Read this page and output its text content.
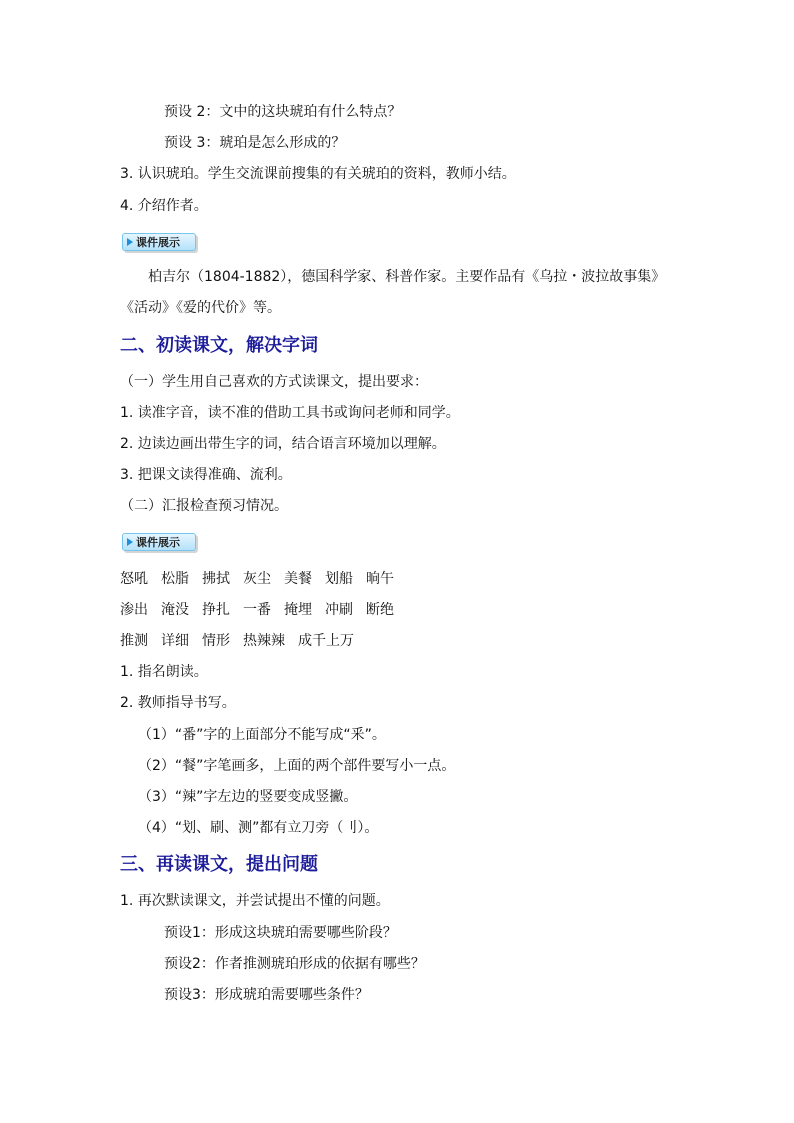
预设 2：文中的这块琥珀有什么特点？
预设 3：琥珀是怎么形成的？
3. 认识琥珀。学生交流课前搜集的有关琥珀的资料，教师小结。
4. 介绍作者。
课件展示
柏吉尔（1804-1882），德国科学家、科普作家。主要作品有《乌拉・波拉故事集》
《活动》《爱的代价》等。
二、初读课文，解决字词
（一）学生用自己喜欢的方式读课文，提出要求：
1. 读准字音，读不准的借助工具书或询问老师和同学。
2. 边读边画出带生字的词，结合语言环境加以理解。
3. 把课文读得准确、流利。
（二）汇报检查预习情况。
课件展示
怒吼 松脂 拂拭 灰尘 美餐 划船 晌午
渗出 淹没 挣扎 一番 掩埋 冲刷 断绝
推测 详细 情形 热辣辣 成千上万
1. 指名朗读。
2. 教师指导书写。
（1）“番”字的上面部分不能写成“釆”。
（2）“餐”字笔画多，上面的两个部件要写小一点。
（3）“辣”字左边的竖要变成竖撇。
（4）“划、刷、测”都有立刀旁（刂）。
三、再读课文，提出问题
1. 再次默读课文，并尝试提出不懂的问题。
预设1：形成这块琥珀需要哪些阶段？
预设2：作者推测琥珀形成的依据有哪些？
预设3：形成琥珀需要哪些条件？
